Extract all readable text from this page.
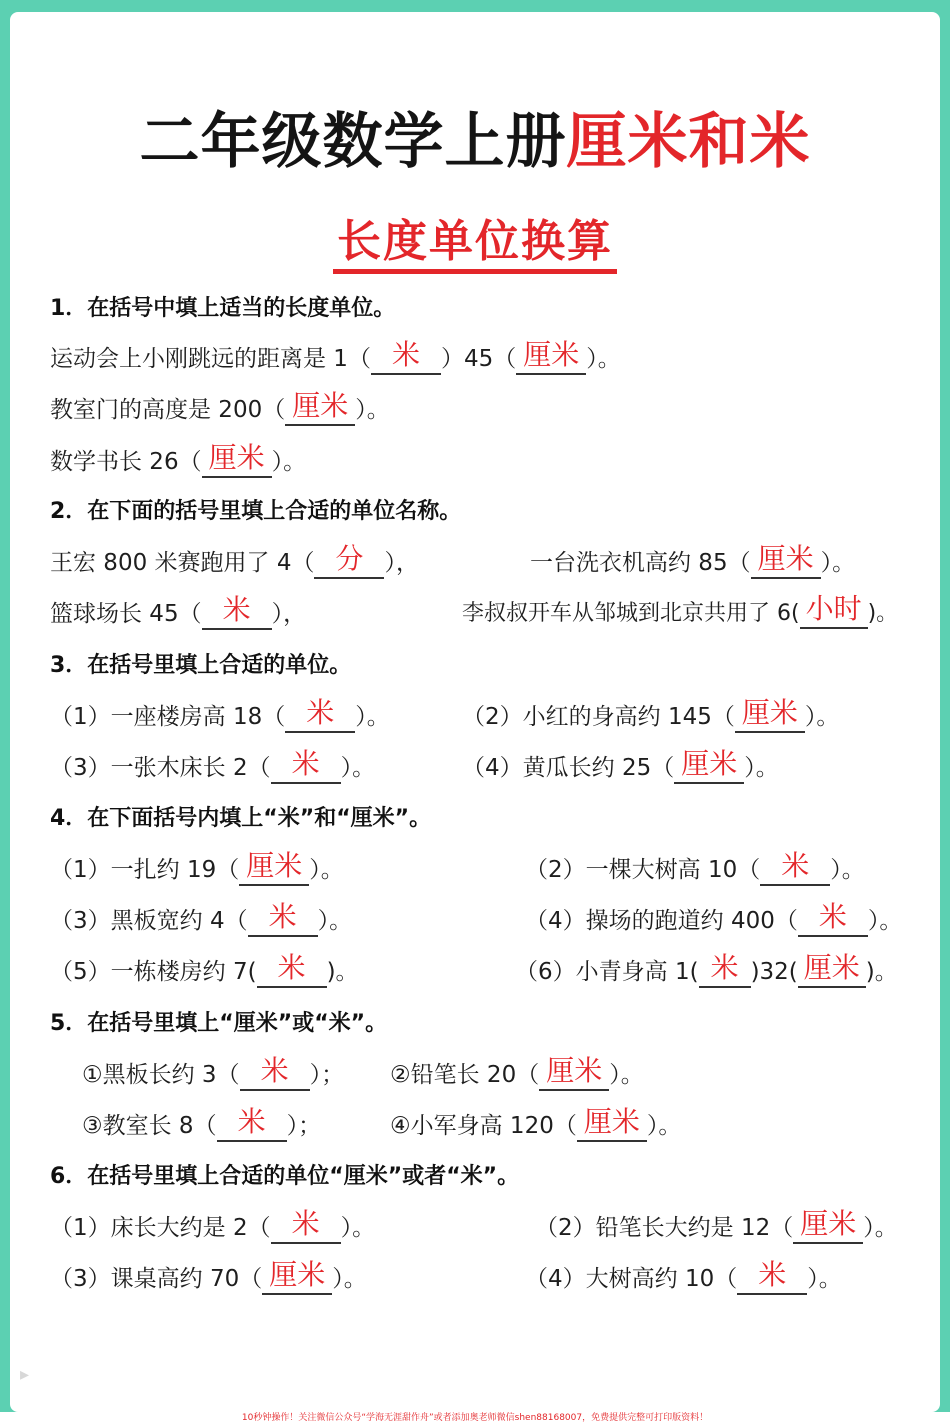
二年级数学上册厘米和米
长度单位换算
1．在括号中填上适当的长度单位。
运动会上小刚跳远的距离是 1（ 米 ）45（ 厘米 ）。
教室门的高度是 200（ 厘米 ）。
数学书长 26（ 厘米 ）。
2．在下面的括号里填上合适的单位名称。
王宏 800 米赛跑用了 4（ 分 ），	一台洗衣机高约 85（ 厘米 ）。
篮球场长 45（ 米 ），	李叔叔开车从邹城到北京共用了 6( 小时 )。
3．在括号里填上合适的单位。
（1）一座楼房高 18（ 米 ）。	（2）小红的身高约 145（ 厘米 ）。
（3）一张木床长 2（ 米 ）。	（4）黄瓜长约 25（ 厘米 ）。
4．在下面括号内填上“米”和“厘米”。
（1）一扎约 19（ 厘米 ）。	（2）一棵大树高 10（ 米 ）。
（3）黑板宽约 4（ 米 ）。	（4）操场的跑道约 400（ 米 ）。
（5）一栋楼房约 7( 米 )。	（6）小青身高 1( 米 )32( 厘米 )。
5．在括号里填上“厘米”或“米”。
①黑板长约 3（ 米 ）； ②铅笔长 20（ 厘米 ）。
③教室长 8（ 米 ）；	④小军身高 120（ 厘米 ）。
6．在括号里填上合适的单位“厘米”或者“米”。
（1）床长大约是 2（ 米 ）。	（2）铅笔长大约是 12（ 厘米 ）。
（3）课桌高约 70（ 厘米 ）。	（4）大树高约 10（ 米 ）。
▸
10秒钟操作！关注微信公众号“学海无涯甜作舟”或者添加奥老师微信shen88168007，免费提供完整可打印版资料！
